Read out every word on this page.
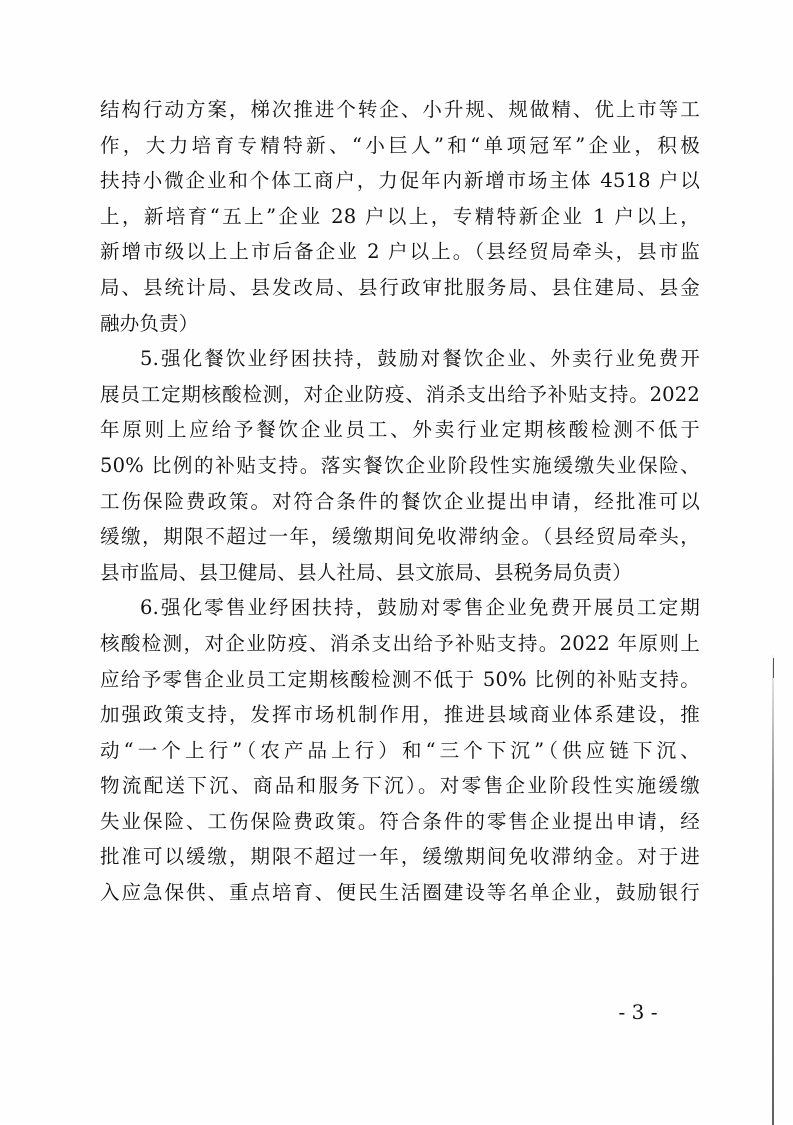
结构行动方案，梯次推进个转企、小升规、规做精、优上市等工
作，大力培育专精特新、“小巨人”和“单项冠军”企业，积极
扶持小微企业和个体工商户，力促年内新增市场主体 4518 户以
上，新培育“五上”企业 28 户以上，专精特新企业 1 户以上，
新增市级以上上市后备企业 2 户以上。（县经贸局牵头，县市监
局、县统计局、县发改局、县行政审批服务局、县住建局、县金
融办负责）
5.强化餐饮业纾困扶持，鼓励对餐饮企业、外卖行业免费开
展员工定期核酸检测，对企业防疫、消杀支出给予补贴支持。2022
年原则上应给予餐饮企业员工、外卖行业定期核酸检测不低于
50% 比例的补贴支持。落实餐饮企业阶段性实施缓缴失业保险、
工伤保险费政策。对符合条件的餐饮企业提出申请，经批准可以
缓缴，期限不超过一年，缓缴期间免收滞纳金。（县经贸局牵头，
县市监局、县卫健局、县人社局、县文旅局、县税务局负责）
6.强化零售业纾困扶持，鼓励对零售企业免费开展员工定期
核酸检测，对企业防疫、消杀支出给予补贴支持。2022 年原则上
应给予零售企业员工定期核酸检测不低于 50% 比例的补贴支持。
加强政策支持，发挥市场机制作用，推进县域商业体系建设，推
动“一个上行”（农产品上行）和“三个下沉”（供应链下沉、
物流配送下沉、商品和服务下沉）。对零售企业阶段性实施缓缴
失业保险、工伤保险费政策。符合条件的零售企业提出申请，经
批准可以缓缴，期限不超过一年，缓缴期间免收滞纳金。对于进
入应急保供、重点培育、便民生活圈建设等名单企业，鼓励银行
- 3 -
